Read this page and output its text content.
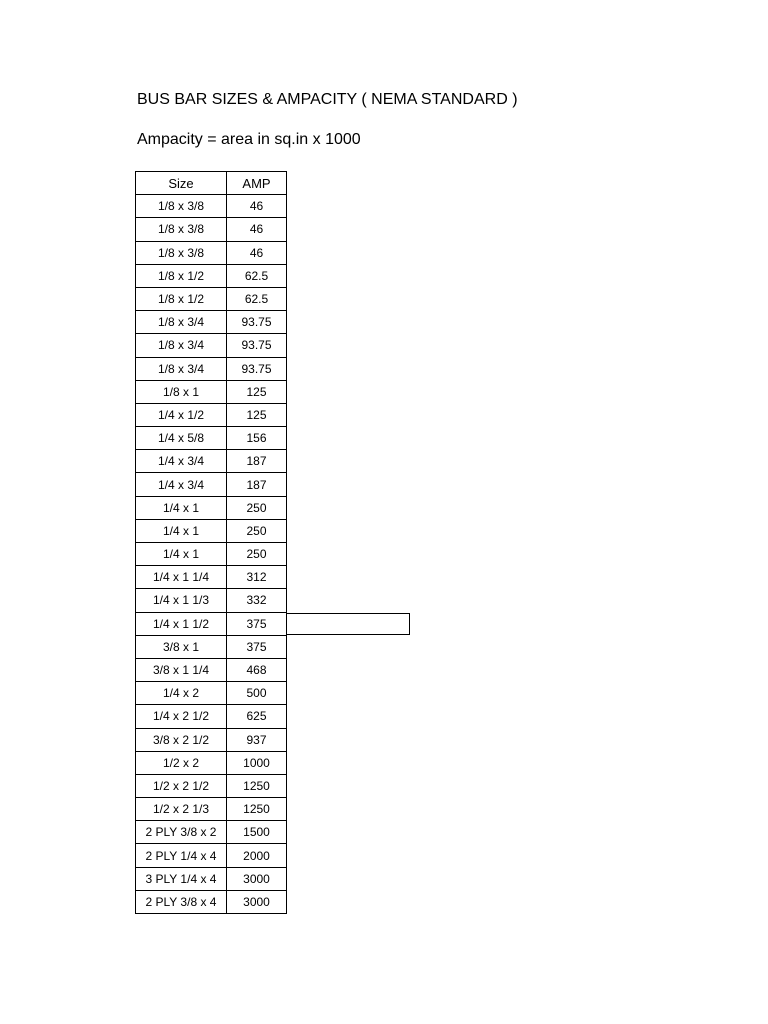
BUS BAR SIZES & AMPACITY ( NEMA STANDARD )
Ampacity = area in sq.in x 1000
Size	AMP
1/8 x 3/8	46
1/8 x 3/8	46
1/8 x 3/8	46
1/8 x 1/2	62.5
1/8 x 1/2	62.5
1/8 x 3/4	93.75
1/8 x 3/4	93.75
1/8 x 3/4	93.75
1/8 x 1	125
1/4 x 1/2	125
1/4 x 5/8	156
1/4 x 3/4	187
1/4 x 3/4	187
1/4 x 1	250
1/4 x 1	250
1/4 x 1	250
1/4 x 1 1/4	312
1/4 x 1 1/3	332
1/4 x 1 1/2	375
3/8 x 1	375
3/8 x 1 1/4	468
1/4 x 2	500
1/4 x 2 1/2	625
3/8 x 2 1/2	937
1/2 x 2	1000
1/2 x 2 1/2	1250
1/2 x 2 1/3	1250
2 PLY 3/8 x 2	1500
2 PLY 1/4 x 4	2000
3 PLY 1/4 x 4	3000
2 PLY 3/8 x 4	3000
